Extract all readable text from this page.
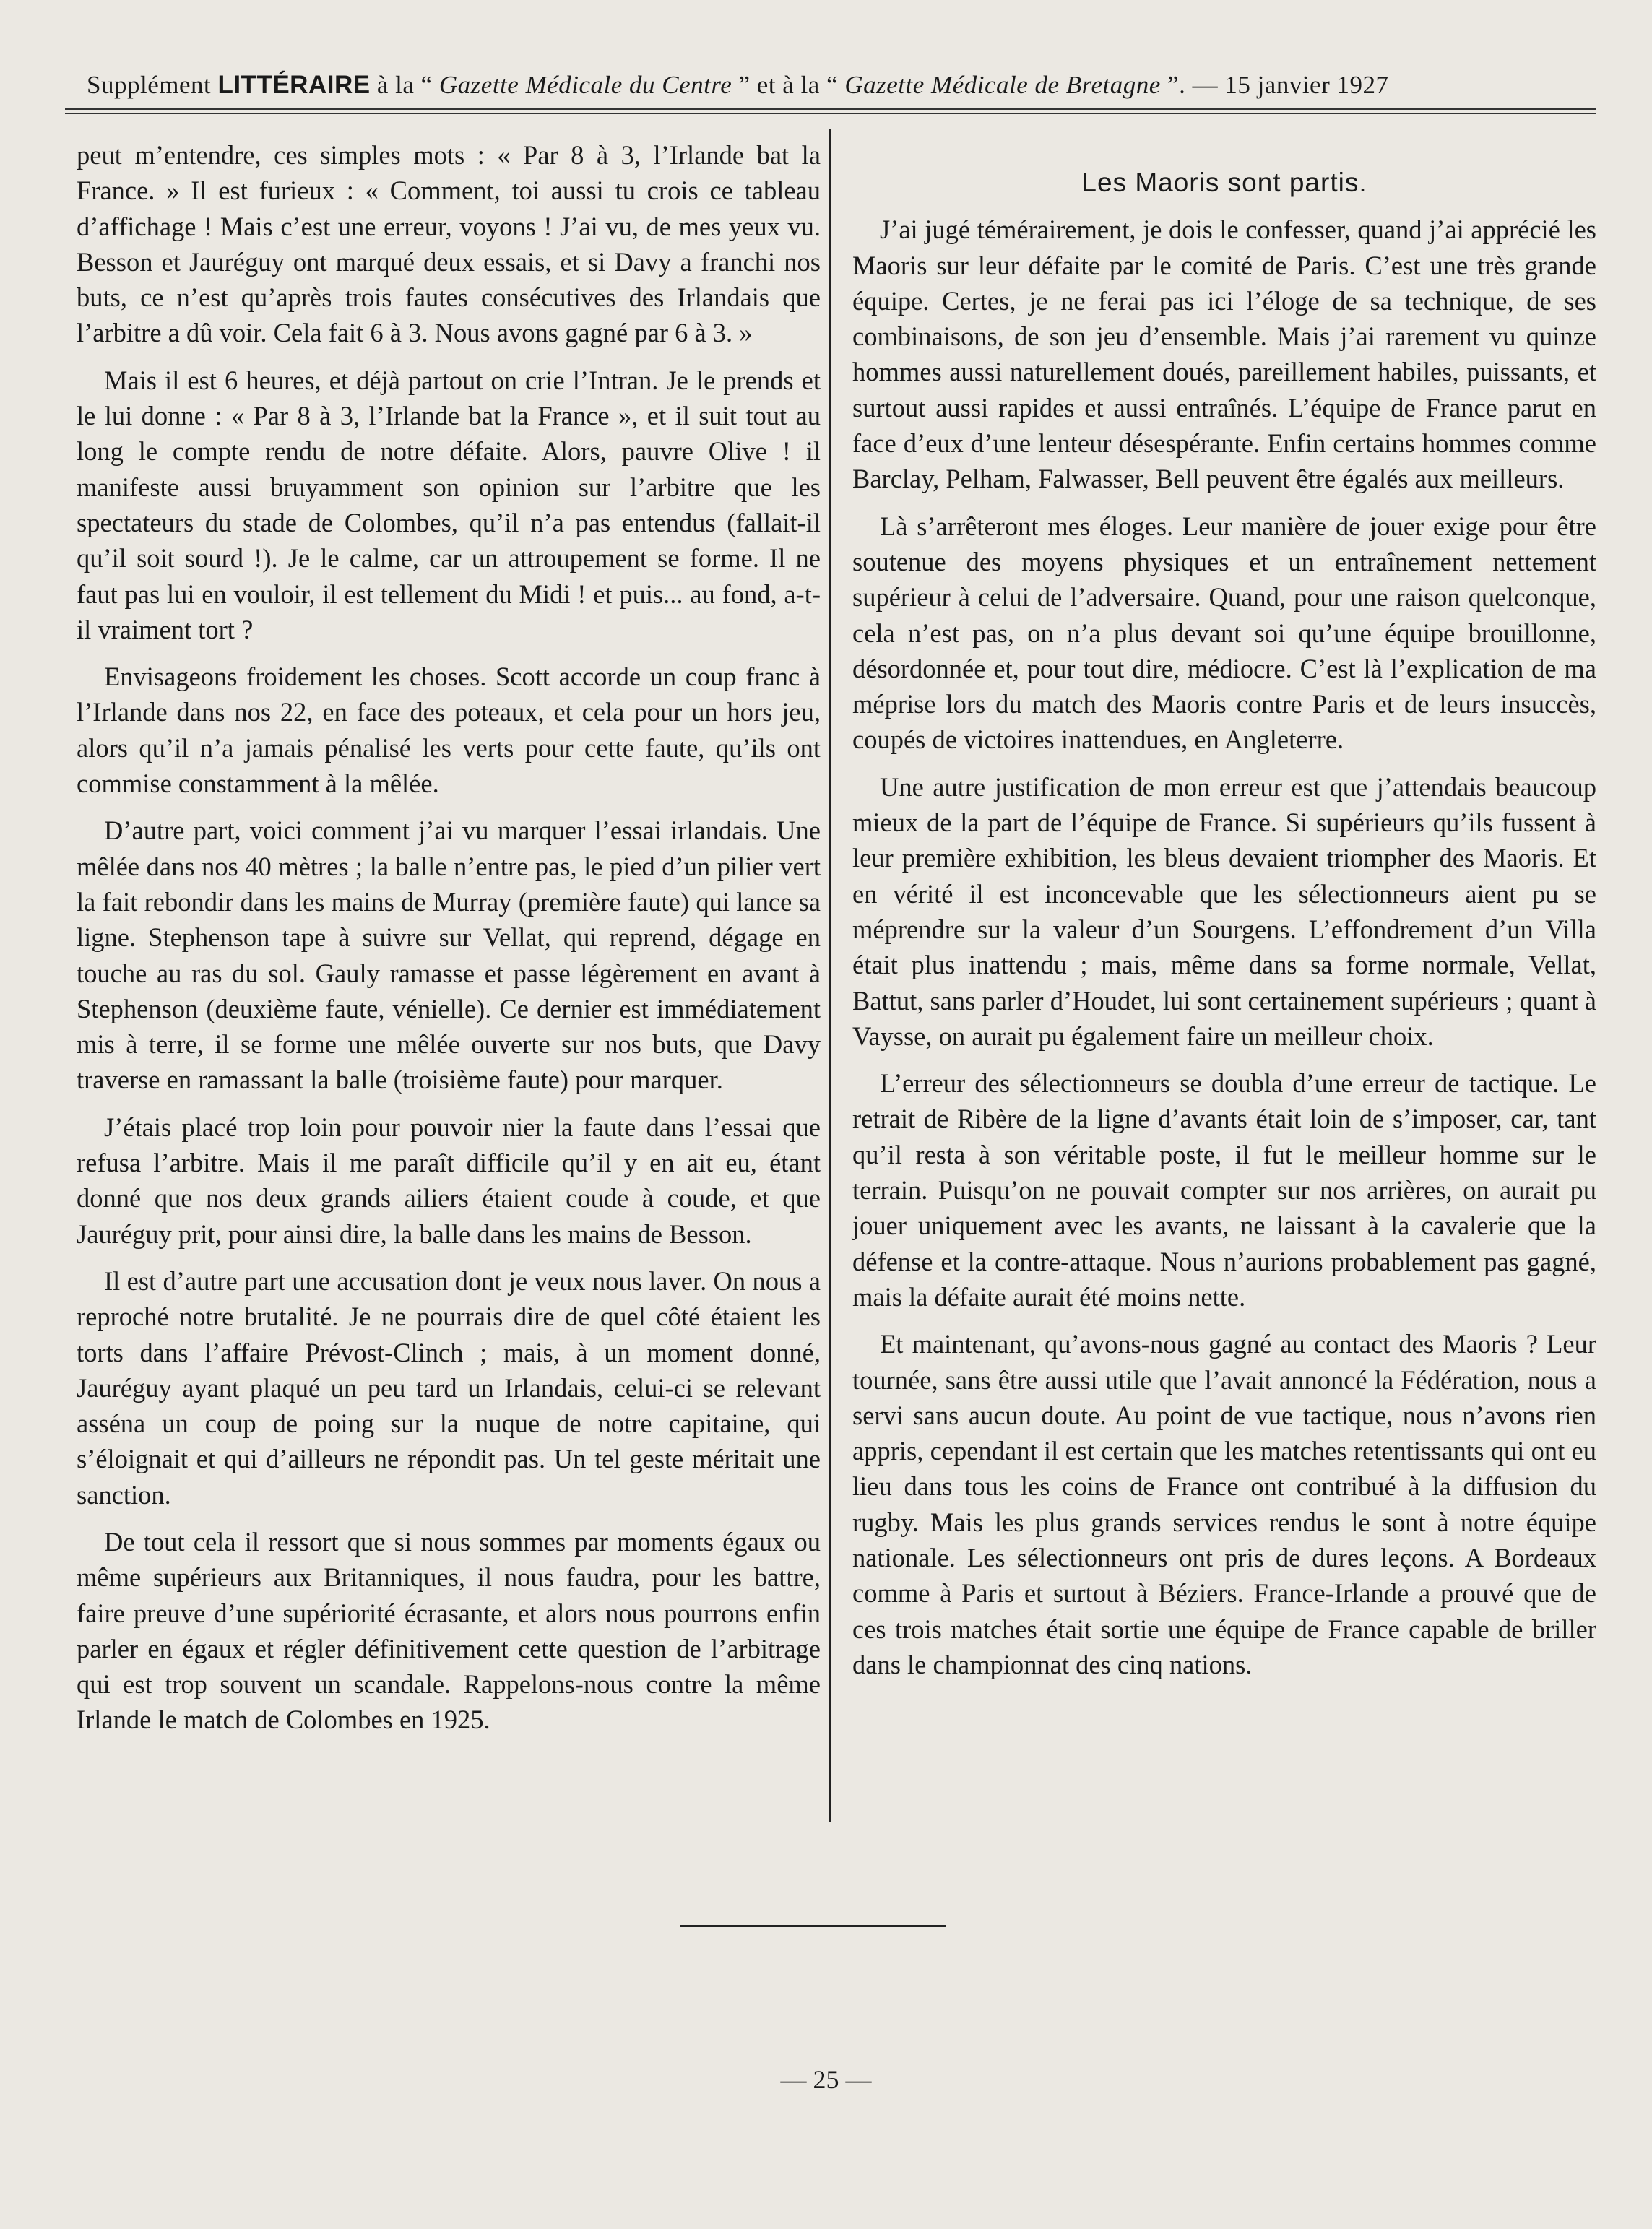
Supplément LITTÉRAIRE à la “ Gazette Médicale du Centre ” et à la “ Gazette Médicale de Bretagne ”. — 15 janvier 1927

peut m’entendre, ces simples mots : « Par 8 à 3, l’Irlande bat la France. » Il est furieux : « Comment, toi aussi tu crois ce tableau d’affichage ! Mais c’est une erreur, voyons ! J’ai vu, de mes yeux vu. Besson et Jauréguy ont marqué deux essais, et si Davy a franchi nos buts, ce n’est qu’après trois fautes consécutives des Irlandais que l’arbitre a dû voir. Cela fait 6 à 3. Nous avons gagné par 6 à 3. »

Mais il est 6 heures, et déjà partout on crie l’Intran. Je le prends et le lui donne : « Par 8 à 3, l’Irlande bat la France », et il suit tout au long le compte rendu de notre défaite. Alors, pauvre Olive ! il manifeste aussi bruyamment son opinion sur l’arbitre que les spectateurs du stade de Colombes, qu’il n’a pas entendus (fallait-il qu’il soit sourd !). Je le calme, car un attroupement se forme. Il ne faut pas lui en vouloir, il est tellement du Midi ! et puis... au fond, a-t-il vraiment tort ?

Envisageons froidement les choses. Scott accorde un coup franc à l’Irlande dans nos 22, en face des poteaux, et cela pour un hors jeu, alors qu’il n’a jamais pénalisé les verts pour cette faute, qu’ils ont commise constamment à la mêlée.

D’autre part, voici comment j’ai vu marquer l’essai irlandais. Une mêlée dans nos 40 mètres ; la balle n’entre pas, le pied d’un pilier vert la fait rebondir dans les mains de Murray (première faute) qui lance sa ligne. Stephenson tape à suivre sur Vellat, qui reprend, dégage en touche au ras du sol. Gauly ramasse et passe légèrement en avant à Stephenson (deuxième faute, vénielle). Ce dernier est immédiatement mis à terre, il se forme une mêlée ouverte sur nos buts, que Davy traverse en ramassant la balle (troisième faute) pour marquer.

J’étais placé trop loin pour pouvoir nier la faute dans l’essai que refusa l’arbitre. Mais il me paraît difficile qu’il y en ait eu, étant donné que nos deux grands ailiers étaient coude à coude, et que Jauréguy prit, pour ainsi dire, la balle dans les mains de Besson.

Il est d’autre part une accusation dont je veux nous laver. On nous a reproché notre brutalité. Je ne pourrais dire de quel côté étaient les torts dans l’affaire Prévost-Clinch ; mais, à un moment donné, Jauréguy ayant plaqué un peu tard un Irlandais, celui-ci se relevant asséna un coup de poing sur la nuque de notre capitaine, qui s’éloignait et qui d’ailleurs ne répondit pas. Un tel geste méritait une sanction.

De tout cela il ressort que si nous sommes par moments égaux ou même supérieurs aux Britanniques, il nous faudra, pour les battre, faire preuve d’une supériorité écrasante, et alors nous pourrons enfin parler en égaux et régler définitivement cette question de l’arbitrage qui est trop souvent un scandale. Rappelons-nous contre la même Irlande le match de Colombes en 1925.

Les Maoris sont partis.

J’ai jugé témérairement, je dois le confesser, quand j’ai apprécié les Maoris sur leur défaite par le comité de Paris. C’est une très grande équipe. Certes, je ne ferai pas ici l’éloge de sa technique, de ses combinaisons, de son jeu d’ensemble. Mais j’ai rarement vu quinze hommes aussi naturellement doués, pareillement habiles, puissants, et surtout aussi rapides et aussi entraînés. L’équipe de France parut en face d’eux d’une lenteur désespérante. Enfin certains hommes comme Barclay, Pelham, Falwasser, Bell peuvent être égalés aux meilleurs.

Là s’arrêteront mes éloges. Leur manière de jouer exige pour être soutenue des moyens physiques et un entraînement nettement supérieur à celui de l’adversaire. Quand, pour une raison quelconque, cela n’est pas, on n’a plus devant soi qu’une équipe brouillonne, désordonnée et, pour tout dire, médiocre. C’est là l’explication de ma méprise lors du match des Maoris contre Paris et de leurs insuccès, coupés de victoires inattendues, en Angleterre.

Une autre justification de mon erreur est que j’attendais beaucoup mieux de la part de l’équipe de France. Si supérieurs qu’ils fussent à leur première exhibition, les bleus devaient triompher des Maoris. Et en vérité il est inconcevable que les sélectionneurs aient pu se méprendre sur la valeur d’un Sourgens. L’effondrement d’un Villa était plus inattendu ; mais, même dans sa forme normale, Vellat, Battut, sans parler d’Houdet, lui sont certainement supérieurs ; quant à Vaysse, on aurait pu également faire un meilleur choix.

L’erreur des sélectionneurs se doubla d’une erreur de tactique. Le retrait de Ribère de la ligne d’avants était loin de s’imposer, car, tant qu’il resta à son véritable poste, il fut le meilleur homme sur le terrain. Puisqu’on ne pouvait compter sur nos arrières, on aurait pu jouer uniquement avec les avants, ne laissant à la cavalerie que la défense et la contre-attaque. Nous n’aurions probablement pas gagné, mais la défaite aurait été moins nette.

Et maintenant, qu’avons-nous gagné au contact des Maoris ? Leur tournée, sans être aussi utile que l’avait annoncé la Fédération, nous a servi sans aucun doute. Au point de vue tactique, nous n’avons rien appris, cependant il est certain que les matches retentissants qui ont eu lieu dans tous les coins de France ont contribué à la diffusion du rugby. Mais les plus grands services rendus le sont à notre équipe nationale. Les sélectionneurs ont pris de dures leçons. A Bordeaux comme à Paris et surtout à Béziers. France-Irlande a prouvé que de ces trois matches était sortie une équipe de France capable de briller dans le championnat des cinq nations.

— 25 —
